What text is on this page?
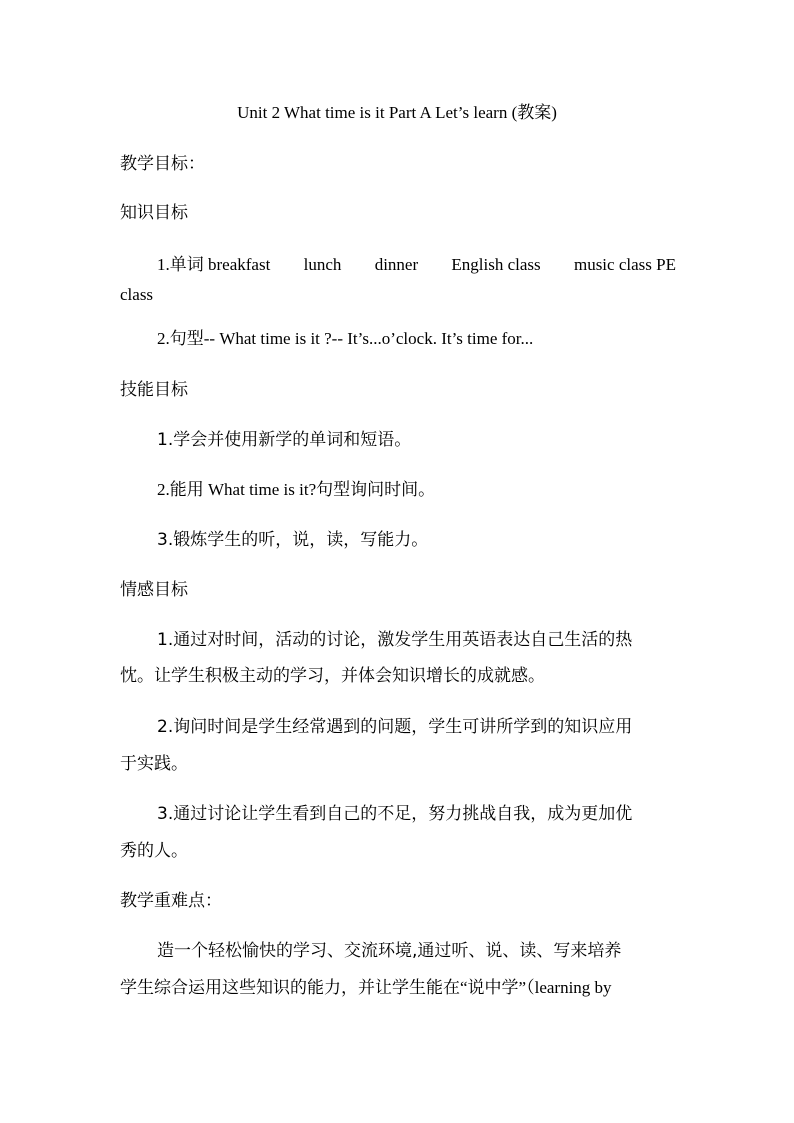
Unit 2 What time is it Part A Let’s learn (教案)
教学目标：
知识目标
1.单词 breakfast lunch dinner English class music class PE
class
2.句型-- What time is it ?-- It’s...o’clock. It’s time for...
技能目标
1.学会并使用新学的单词和短语。
2.能用 What time is it?句型询问时间。
3.锻炼学生的听，说，读，写能力。
情感目标
1.通过对时间，活动的讨论，激发学生用英语表达自己生活的热
忱。让学生积极主动的学习，并体会知识增长的成就感。
2.询问时间是学生经常遇到的问题，学生可讲所学到的知识应用
于实践。
3.通过讨论让学生看到自己的不足，努力挑战自我，成为更加优
秀的人。
教学重难点：
造一个轻松愉快的学习、交流环境,通过听、说、读、写来培养
学生综合运用这些知识的能力，并让学生能在“说中学”（learning by
